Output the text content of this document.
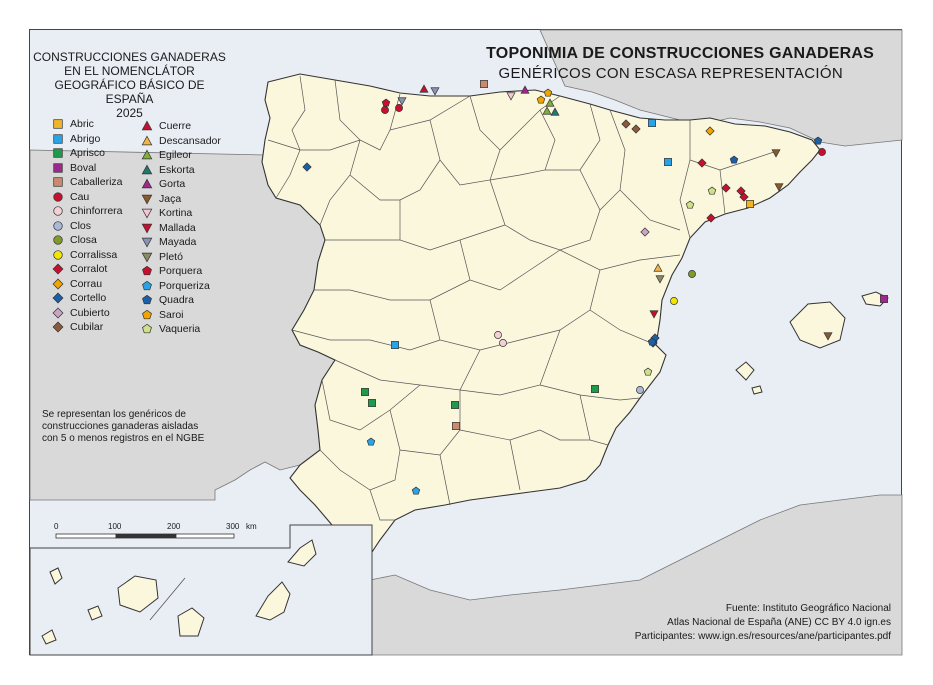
CONSTRUCCIONES GANADERAS
EN EL NOMENCLÁTOR
GEOGRÁFICO BÁSICO DE ESPAÑA
2025
TOPONIMIA DE CONSTRUCCIONES GANADERAS
GENÉRICOS CON ESCASA REPRESENTACIÓN
Abric
Abrigo
Aprisco
Boval
Caballeriza
Cau
Chinforrera
Clos
Closa
Corralissa
Corralot
Corrau
Cortello
Cubierto
Cubilar
Cuerre
Descansador
Egileor
Eskorta
Gorta
Jaça
Kortina
Mallada
Mayada
Pletó
Porquera
Porqueriza
Quadra
Saroi
Vaqueria
Se representan los genéricos de
construcciones ganaderas aisladas
con 5 o menos registros en el NGBE
0	100	200	300 km
Fuente: Instituto Geográfico Nacional
Atlas Nacional de España (ANE) CC BY 4.0 ign.es
Participantes: www.ign.es/resources/ane/participantes.pdf
